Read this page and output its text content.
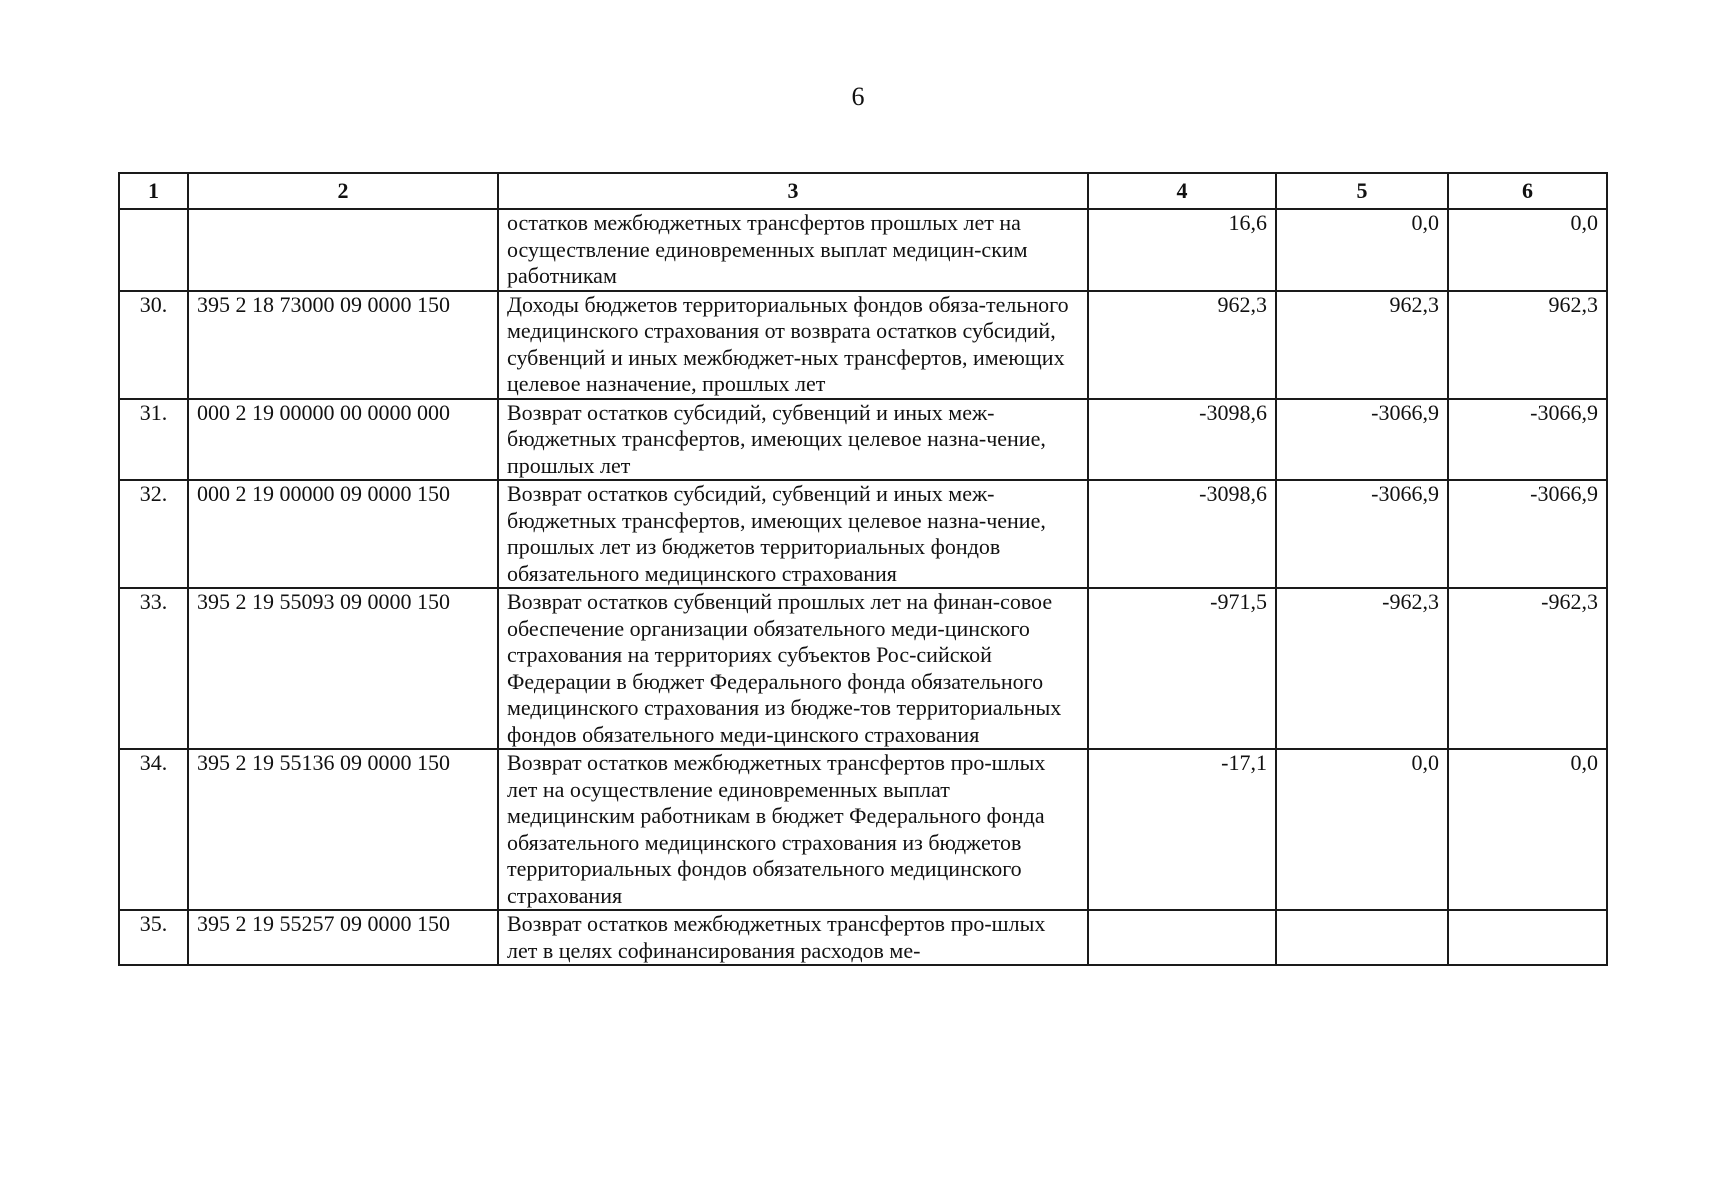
6
1	2	3	4	5	6

		остатков межбюджетных трансфертов прошлых лет на осуществление единовременных выплат медицин-ским работникам	16,6	0,0	0,0
30.	395 2 18 73000 09 0000 150	Доходы бюджетов территориальных фондов обяза-тельного медицинского страхования от возврата остатков субсидий, субвенций и иных межбюджет-ных трансфертов, имеющих целевое назначение, прошлых лет	962,3	962,3	962,3
31.	000 2 19 00000 00 0000 000	Возврат остатков субсидий, субвенций и иных меж-бюджетных трансфертов, имеющих целевое назна-чение, прошлых лет	-3098,6	-3066,9	-3066,9
32.	000 2 19 00000 09 0000 150	Возврат остатков субсидий, субвенций и иных меж-бюджетных трансфертов, имеющих целевое назна-чение, прошлых лет из бюджетов территориальных фондов обязательного медицинского страхования	-3098,6	-3066,9	-3066,9
33.	395 2 19 55093 09 0000 150	Возврат остатков субвенций прошлых лет на финан-совое обеспечение организации обязательного меди-цинского страхования на территориях субъектов Рос-сийской Федерации в бюджет Федерального фонда обязательного медицинского страхования из бюдже-тов территориальных фондов обязательного меди-цинского страхования	-971,5	-962,3	-962,3
34.	395 2 19 55136 09 0000 150	Возврат остатков межбюджетных трансфертов про-шлых лет на осуществление единовременных выплат медицинским работникам в бюджет Федерального фонда обязательного медицинского страхования из бюджетов территориальных фондов обязательного медицинского страхования	-17,1	0,0	0,0
35.	395 2 19 55257 09 0000 150	Возврат остатков межбюджетных трансфертов про-шлых лет в целях софинансирования расходов ме-			
